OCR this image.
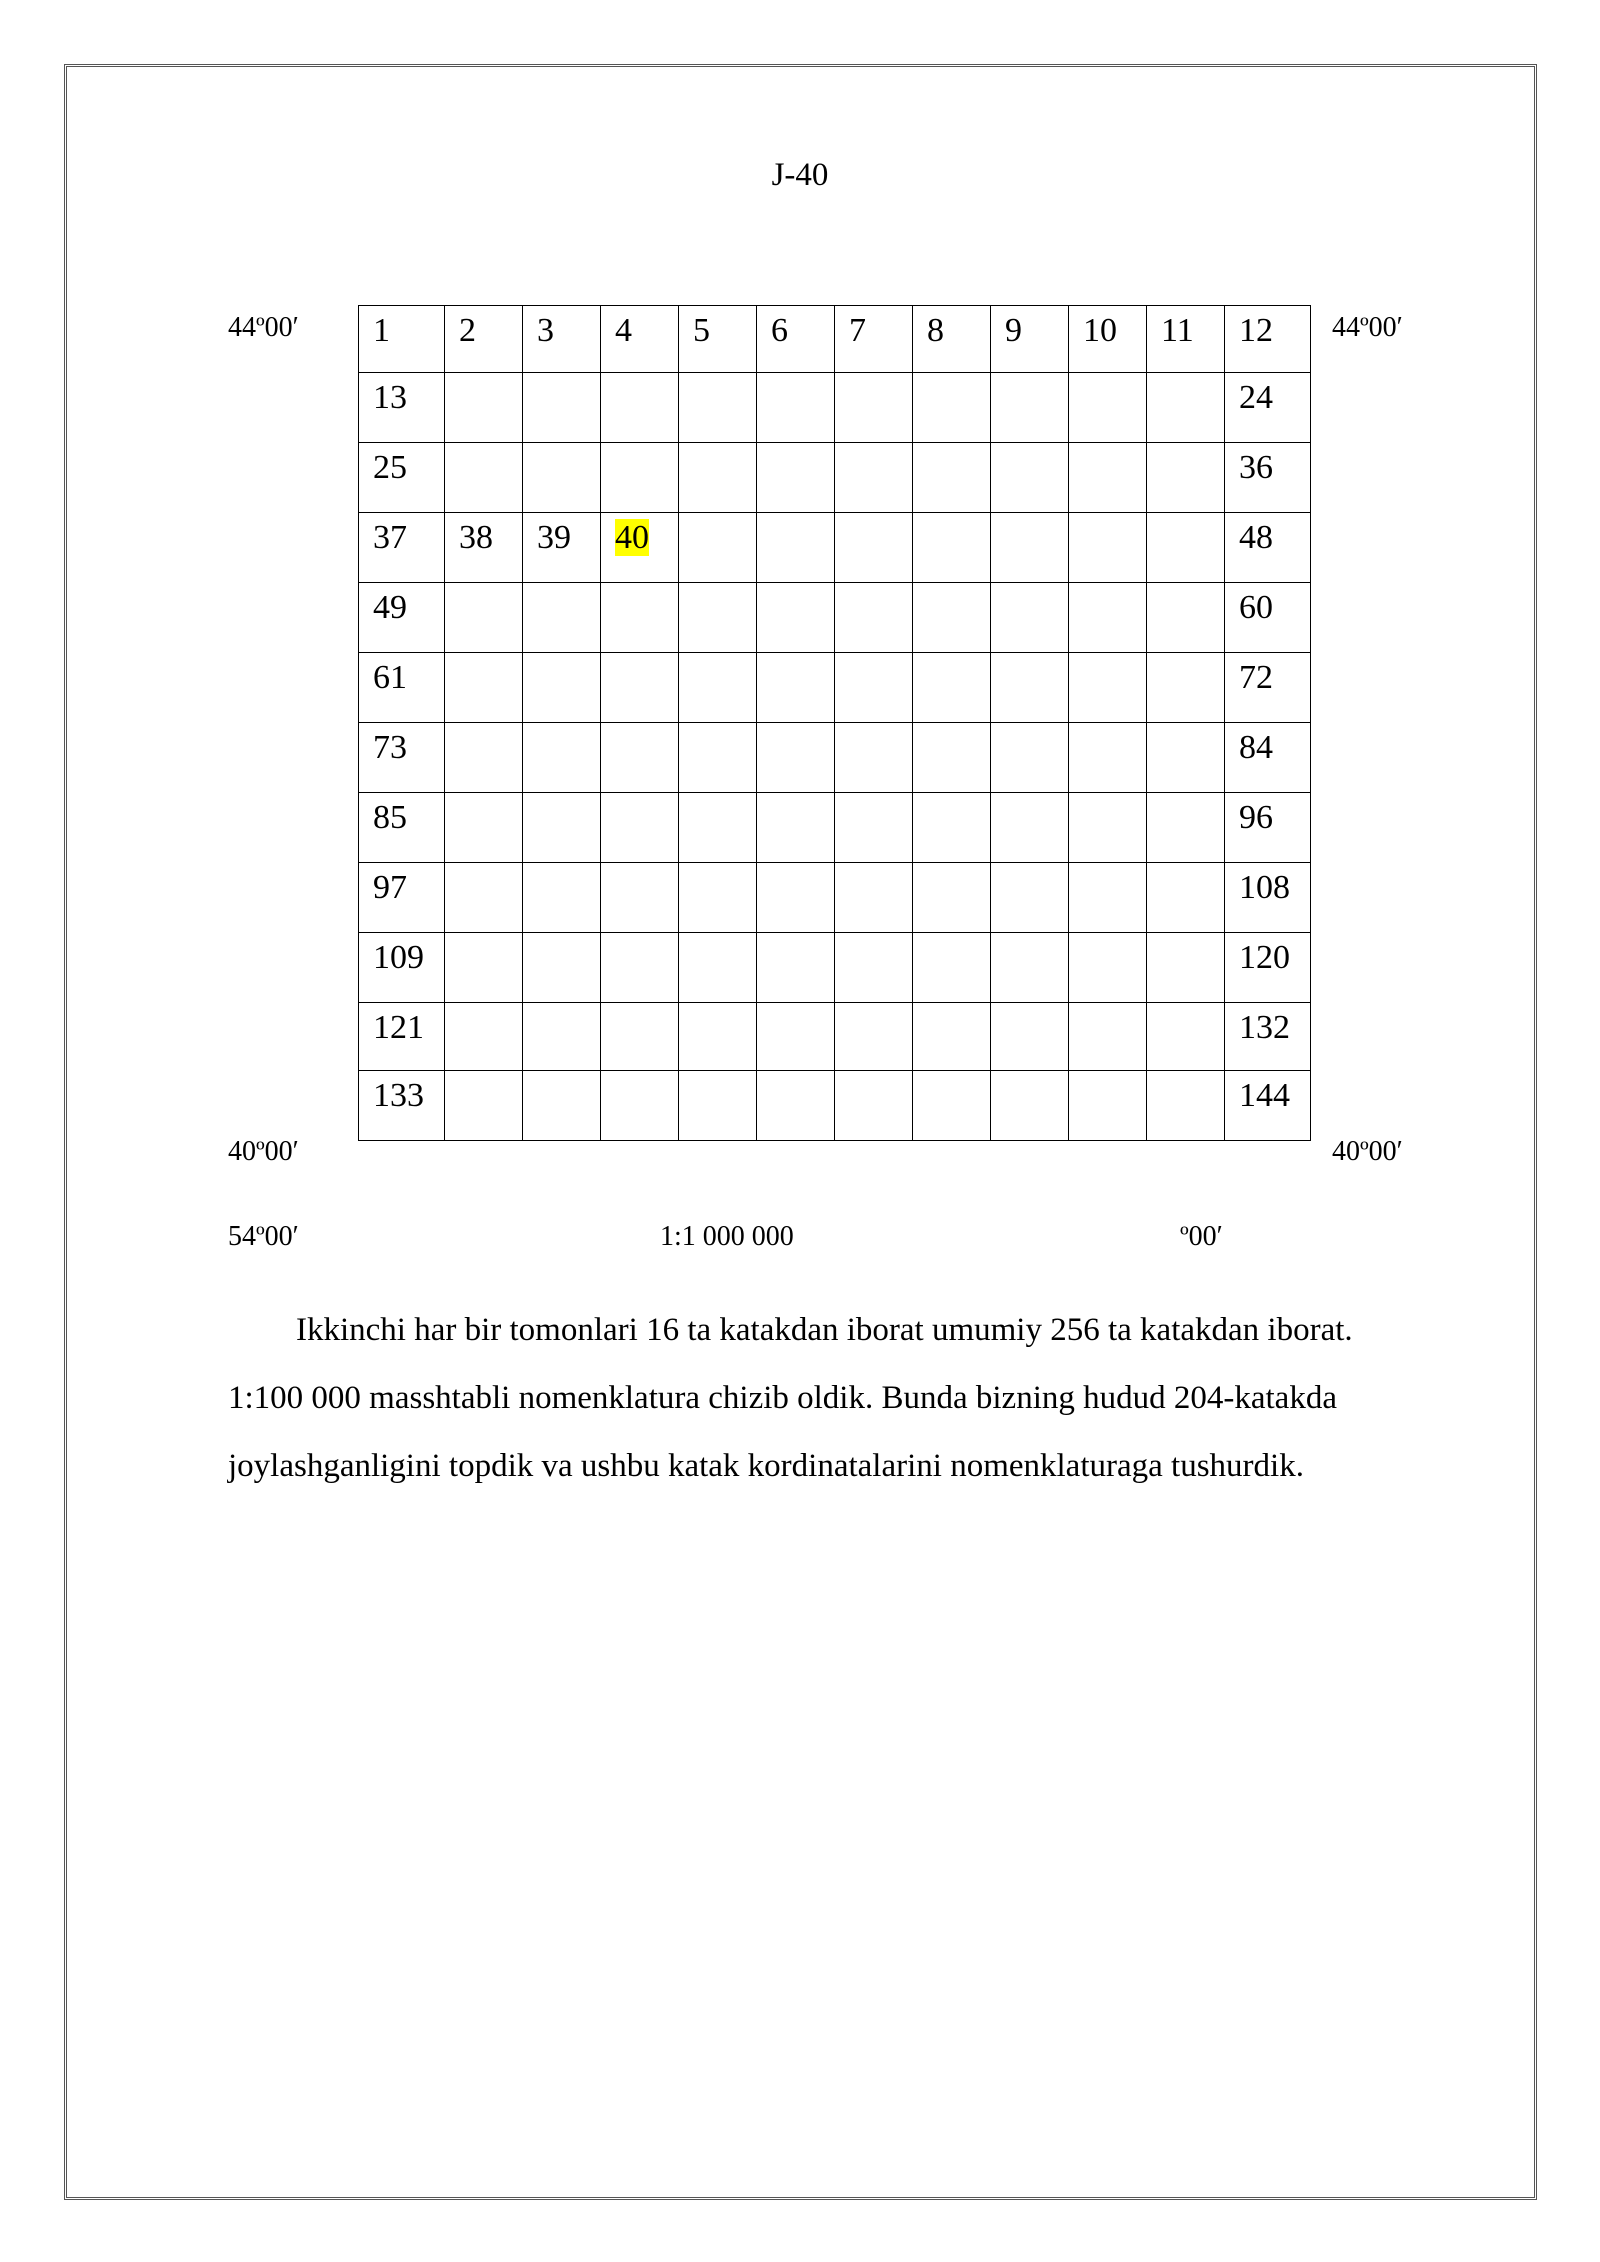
J-40
44º00′	44º00′
40º00′	40º00′
54º00′	1:1 000 000	º00′
1	2	3	4	5	6	7	8	9	10	11	12
13											24
25											36
37	38	39	40								48
49											60
61											72
73											84
85											96
97											108
109											120
121											132
133											144

Ikkinchi har bir tomonlari 16 ta katakdan iborat umumiy 256 ta katakdan iborat.
1:100 000 masshtabli nomenklatura chizib oldik. Bunda bizning hudud 204-katakda
joylashganligini topdik va ushbu katak kordinatalarini nomenklaturaga tushurdik.
